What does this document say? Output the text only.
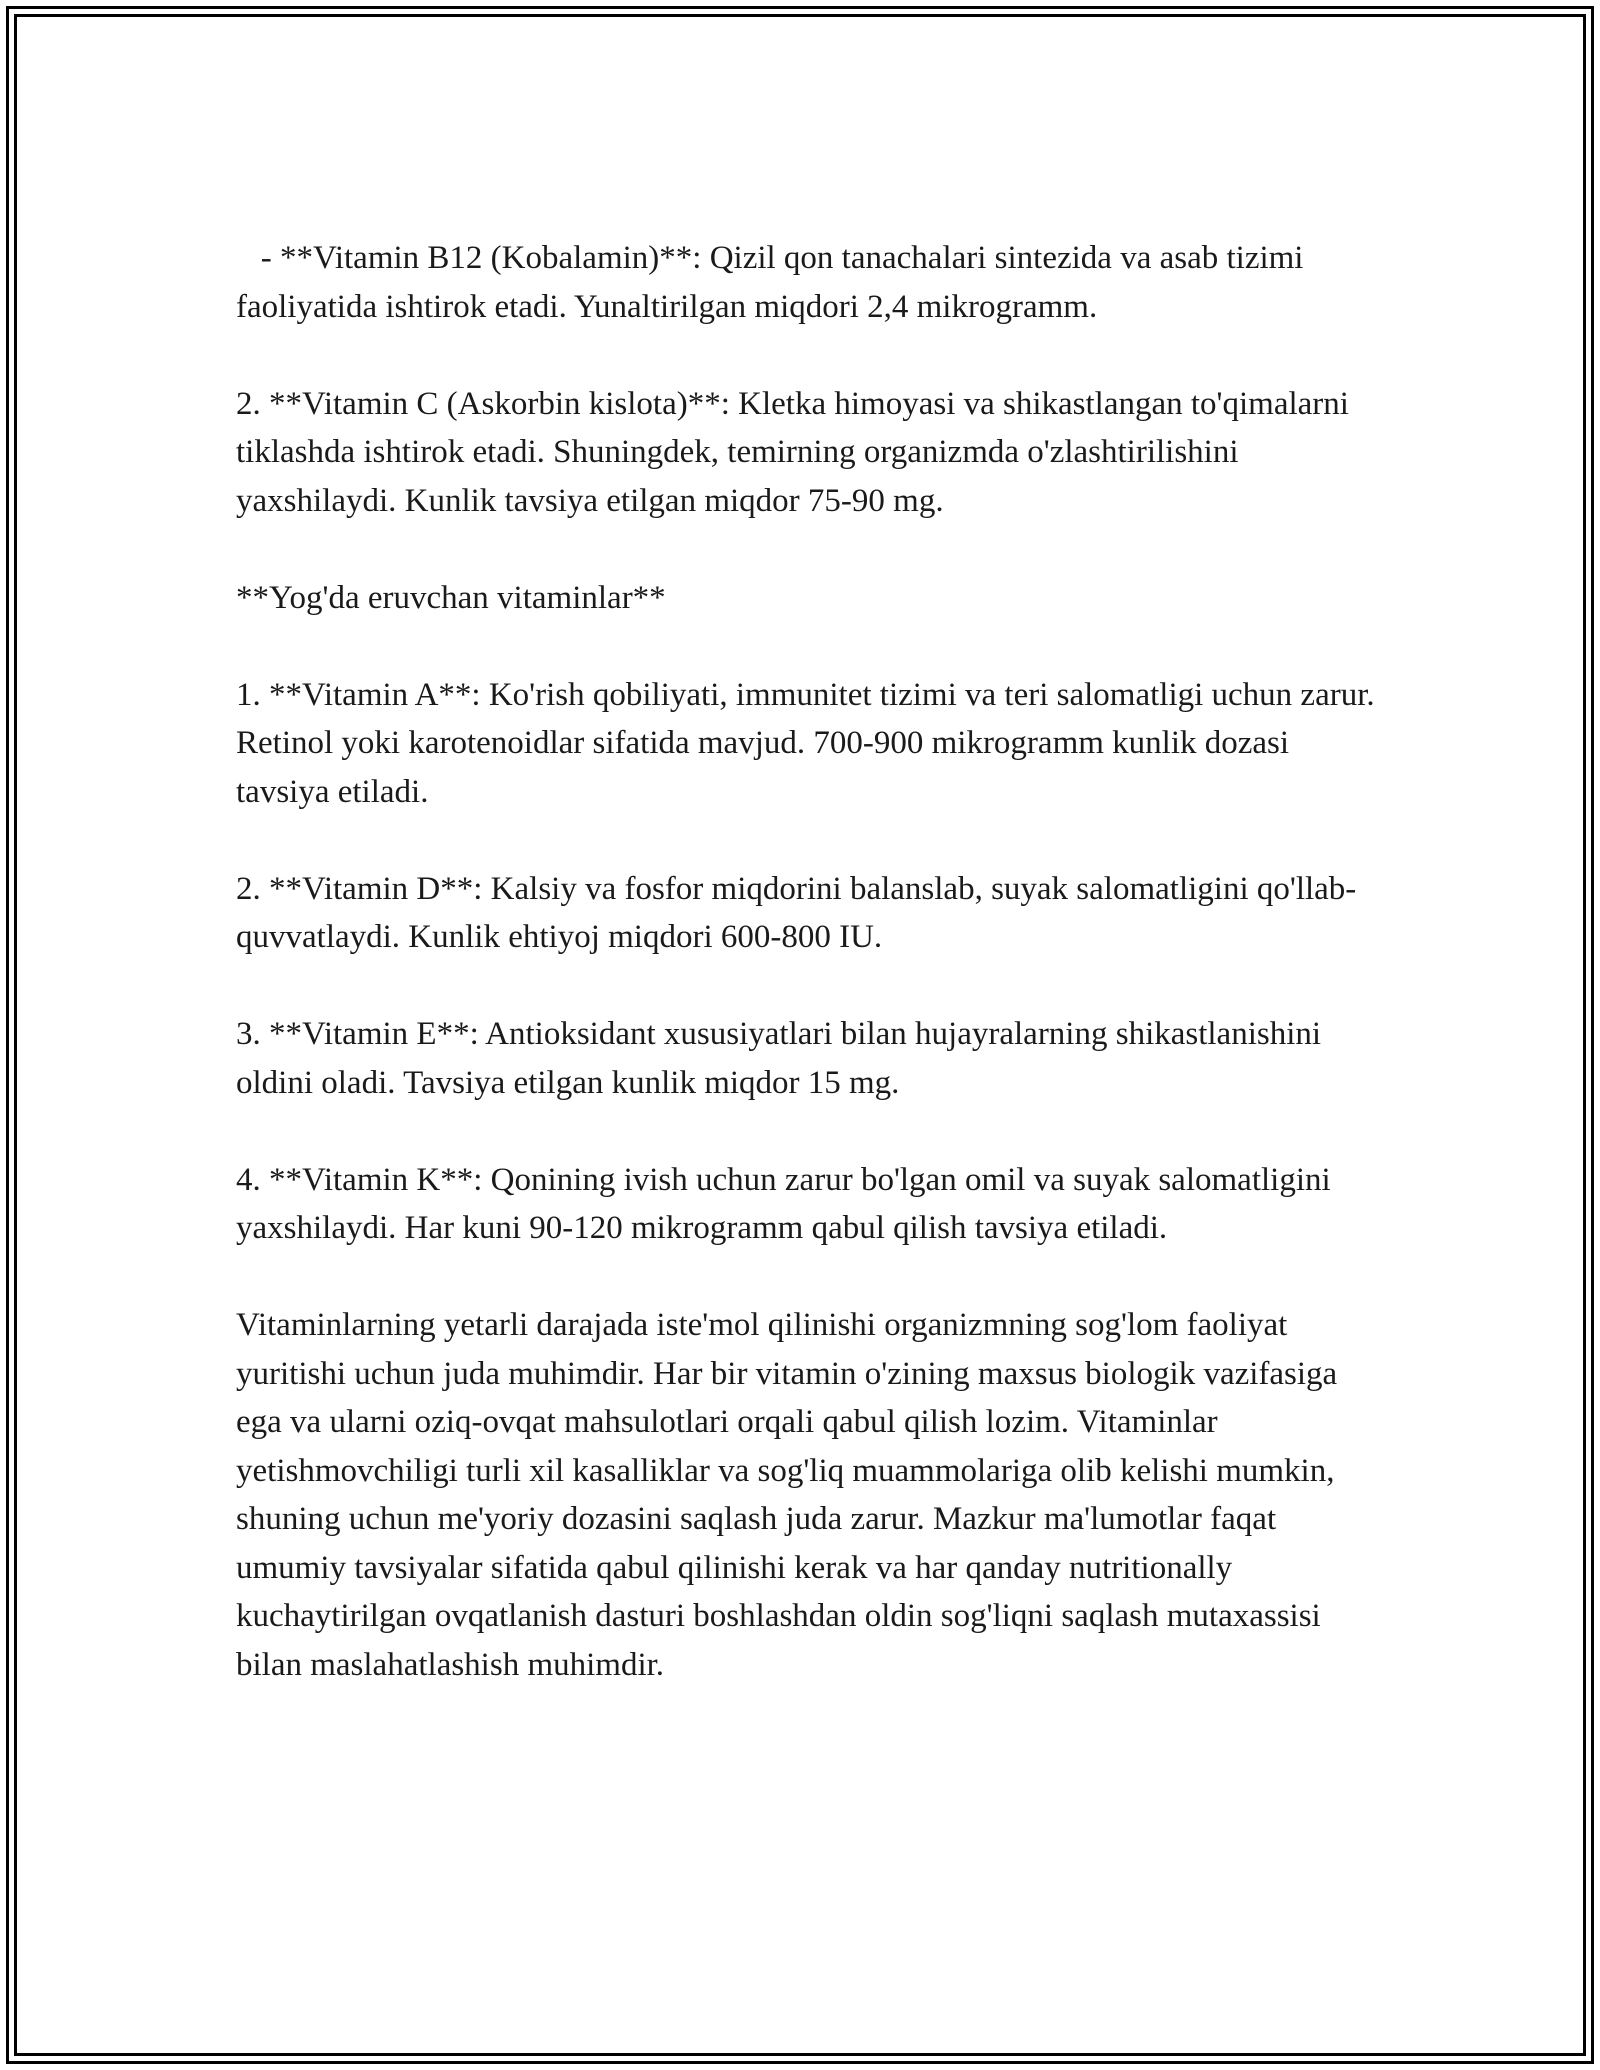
- **Vitamin B12 (Kobalamin)**: Qizil qon tanachalari sintezida va asab tizimi faoliyatida ishtirok etadi. Yunaltirilgan miqdori 2,4 mikrogramm.

2. **Vitamin C (Askorbin kislota)**: Kletka himoyasi va shikastlangan to'qimalarni tiklashda ishtirok etadi. Shuningdek, temirning organizmda o'zlashtirilishini yaxshilaydi. Kunlik tavsiya etilgan miqdor 75-90 mg.

**Yog'da eruvchan vitaminlar**

1. **Vitamin A**: Ko'rish qobiliyati, immunitet tizimi va teri salomatligi uchun zarur. Retinol yoki karotenoidlar sifatida mavjud. 700-900 mikrogramm kunlik dozasi tavsiya etiladi.

2. **Vitamin D**: Kalsiy va fosfor miqdorini balanslab, suyak salomatligini qo'llab-quvvatlaydi. Kunlik ehtiyoj miqdori 600-800 IU.

3. **Vitamin E**: Antioksidant xususiyatlari bilan hujayralarning shikastlanishini oldini oladi. Tavsiya etilgan kunlik miqdor 15 mg.

4. **Vitamin K**: Qonining ivish uchun zarur bo'lgan omil va suyak salomatligini yaxshilaydi. Har kuni 90-120 mikrogramm qabul qilish tavsiya etiladi.

Vitaminlarning yetarli darajada iste'mol qilinishi organizmning sog'lom faoliyat yuritishi uchun juda muhimdir. Har bir vitamin o'zining maxsus biologik vazifasiga ega va ularni oziq-ovqat mahsulotlari orqali qabul qilish lozim. Vitaminlar yetishmovchiligi turli xil kasalliklar va sog'liq muammolariga olib kelishi mumkin, shuning uchun me'yoriy dozasini saqlash juda zarur. Mazkur ma'lumotlar faqat umumiy tavsiyalar sifatida qabul qilinishi kerak va har qanday nutritionally kuchaytirilgan ovqatlanish dasturi boshlashdan oldin sog'liqni saqlash mutaxassisi bilan maslahatlashish muhimdir.
